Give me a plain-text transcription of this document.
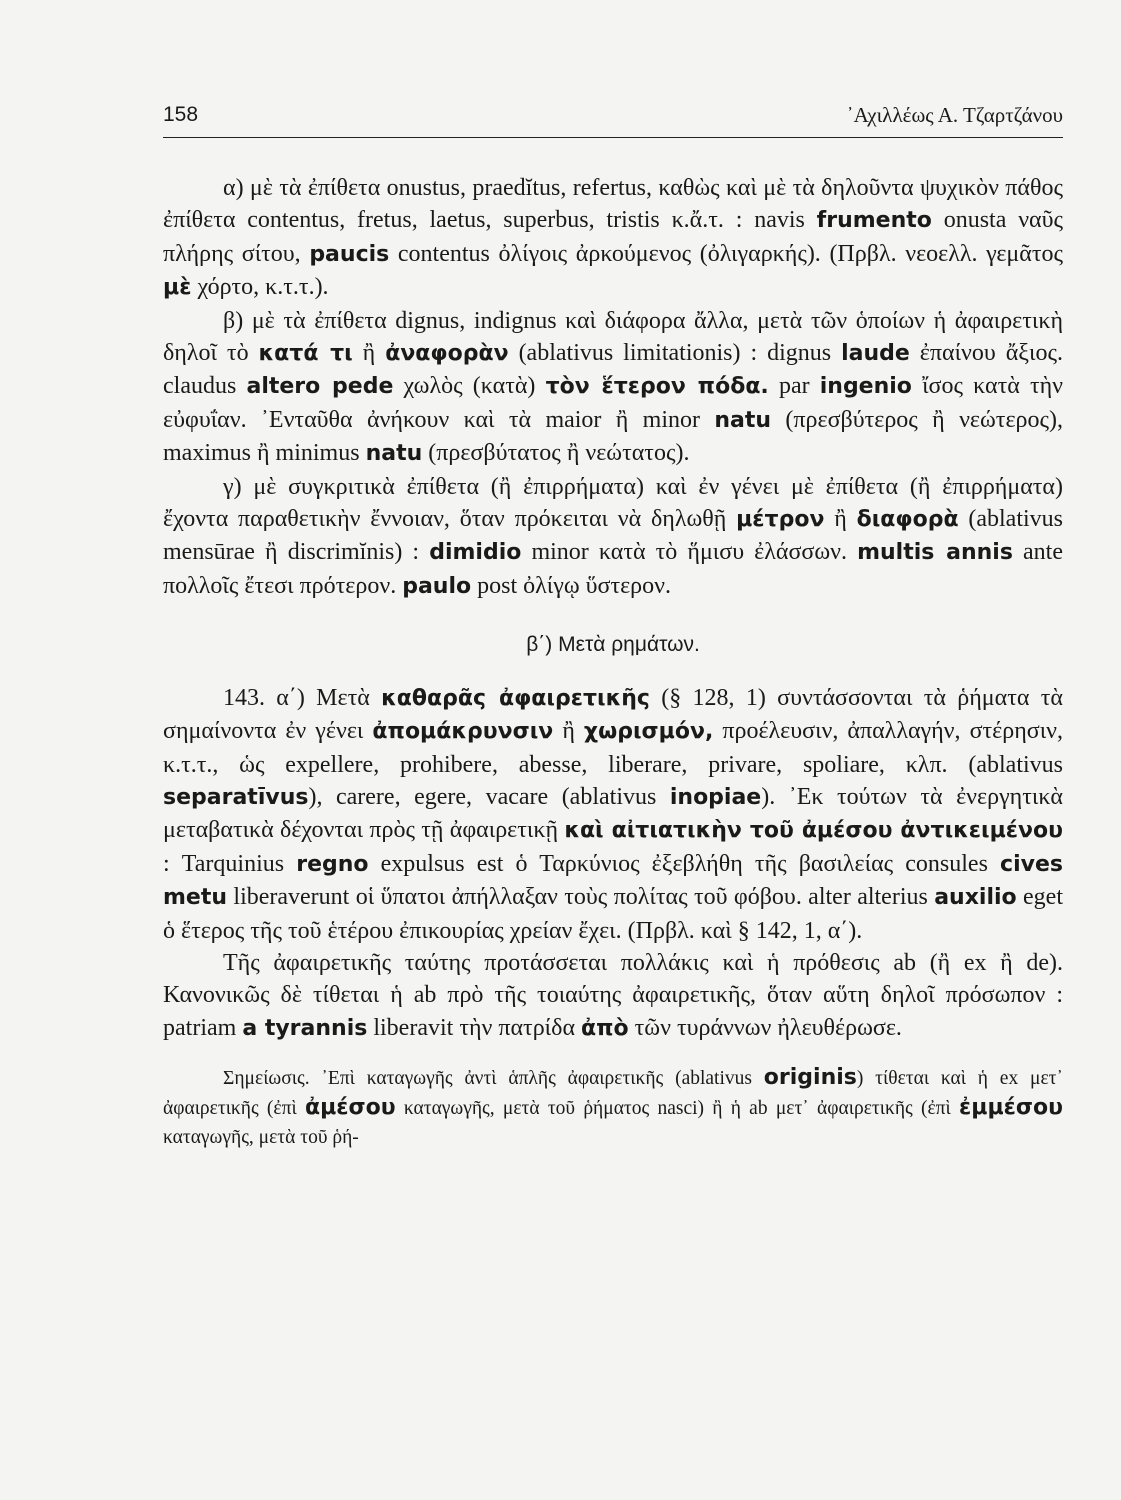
158	᾿Αχιλλέως Α. Τζαρτζάνου

α) μὲ τὰ ἐπίθετα onustus, praedĭtus, refertus, καθὼς καὶ μὲ τὰ δηλοῦντα ψυχικὸν πάθος ἐπίθετα contentus, fretus, laetus, superbus, tristis κ.ἄ.τ. : navis frumento onusta ναῦς πλήρης σίτου, paucis contentus ὀλίγοις ἀρκούμενος (ὀλιγαρκής). (Πρβλ. νεοελλ. γεμᾶτος μὲ χόρτο, κ.τ.τ.).

β) μὲ τὰ ἐπίθετα dignus, indignus καὶ διάφορα ἄλλα, μετὰ τῶν ὁποίων ἡ ἀφαιρετικὴ δηλοῖ τὸ κατά τι ἢ ἀναφορὰν (ablativus limitationis) : dignus laude ἐπαίνου ἄξιος. claudus altero pede χωλὸς (κατὰ) τὸν ἕτερον πόδα. par ingenio ἴσος κατὰ τὴν εὐφυΐαν. ᾿Ενταῦθα ἀνήκουν καὶ τὰ maior ἢ minor natu (πρεσβύτερος ἢ νεώτερος), maximus ἢ minimus natu (πρεσβύτατος ἢ νεώτατος).

γ) μὲ συγκριτικὰ ἐπίθετα (ἢ ἐπιρρήματα) καὶ ἐν γένει μὲ ἐπίθετα (ἢ ἐπιρρήματα) ἔχοντα παραθετικὴν ἔννοιαν, ὅταν πρόκειται νὰ δηλωθῇ μέτρον ἢ διαφορὰ (ablativus mensūrae ἢ discrimĭnis) : dimidio minor κατὰ τὸ ἥμισυ ἐλάσσων. multis annis ante πολλοῖς ἔτεσι πρότερον. paulo post ὀλίγῳ ὕστερον.

β΄) Μετὰ ρημάτων.

143. α΄) Μετὰ καθαρᾶς ἀφαιρετικῆς (§ 128, 1) συντάσσονται τὰ ῥήματα τὰ σημαίνοντα ἐν γένει ἀπομάκρυνσιν ἢ χωρισμόν, προέλευσιν, ἀπαλλαγήν, στέρησιν, κ.τ.τ., ὡς expellere, prohibere, abesse, liberare, privare, spoliare, κλπ. (ablativus separatīvus), carere, egere, vacare (ablativus inopiae). ᾿Εκ τούτων τὰ ἐνεργητικὰ μεταβατικὰ δέχονται πρὸς τῇ ἀφαιρετικῇ καὶ αἰτιατικὴν τοῦ ἀμέσου ἀντικειμένου : Tarquinius regno expulsus est ὁ Ταρκύνιος ἐξεβλήθη τῆς βασιλείας consules cives metu liberaverunt οἱ ὕπατοι ἀπήλλαξαν τοὺς πολίτας τοῦ φόβου. alter alterius auxilio eget ὁ ἕτερος τῆς τοῦ ἑτέρου ἐπικουρίας χρείαν ἔχει. (Πρβλ. καὶ § 142, 1, α΄).

Τῆς ἀφαιρετικῆς ταύτης προτάσσεται πολλάκις καὶ ἡ πρόθεσις ab (ἢ ex ἢ de). Κανονικῶς δὲ τίθεται ἡ ab πρὸ τῆς τοιαύτης ἀφαιρετικῆς, ὅταν αὕτη δηλοῖ πρόσωπον : patriam a tyrannis liberavit τὴν πατρίδα ἀπὸ τῶν τυράννων ἠλευθέρωσε.

Σημείωσις. ᾿Επὶ καταγωγῆς ἀντὶ ἁπλῆς ἀφαιρετικῆς (ablativus originis) τίθεται καὶ ἡ ex μετ᾿ ἀφαιρετικῆς (ἐπὶ ἀμέσου καταγωγῆς, μετὰ τοῦ ῥήματος nasci) ἢ ἡ ab μετ᾿ ἀφαιρετικῆς (ἐπὶ ἐμμέσου καταγωγῆς, μετὰ τοῦ ῥή-
